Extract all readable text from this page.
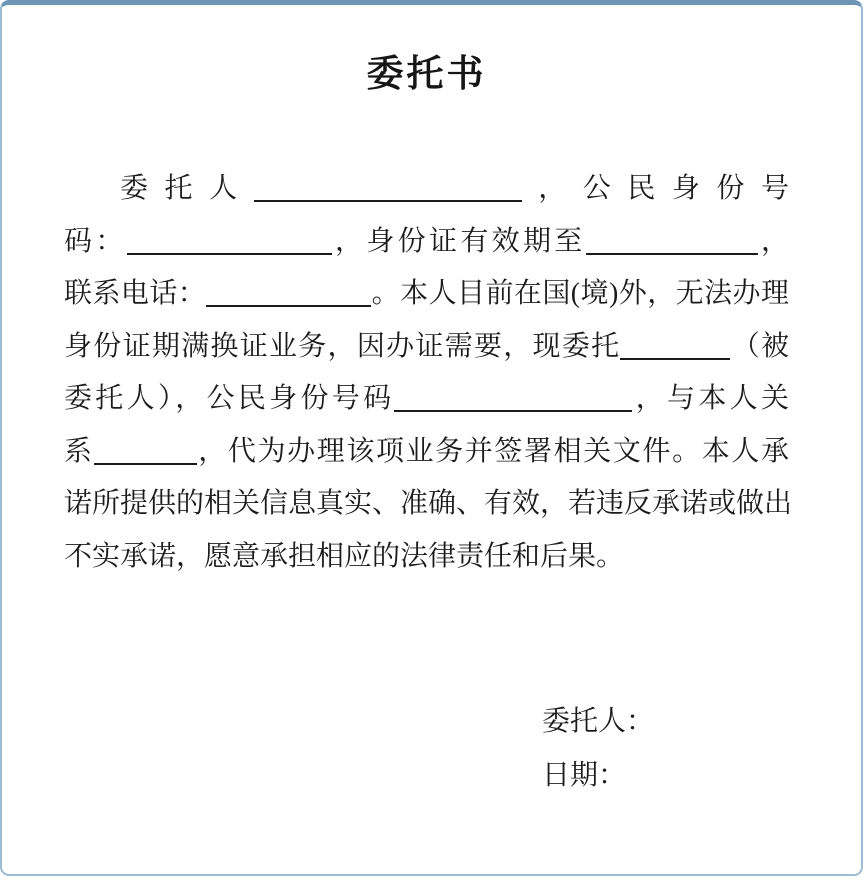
委托书
委托人	，公民身份号
码：	，身份证有效期至	，
联系电话：	。本人目前在国(境)外，无法办理
身份证期满换证业务，因办证需要，现委托	（被
委托人），公民身份号码	，与本人关
系	，代为办理该项业务并签署相关文件。本人承
诺所提供的相关信息真实、准确、有效，若违反承诺或做出
不实承诺，愿意承担相应的法律责任和后果。
委托人：
日期：
